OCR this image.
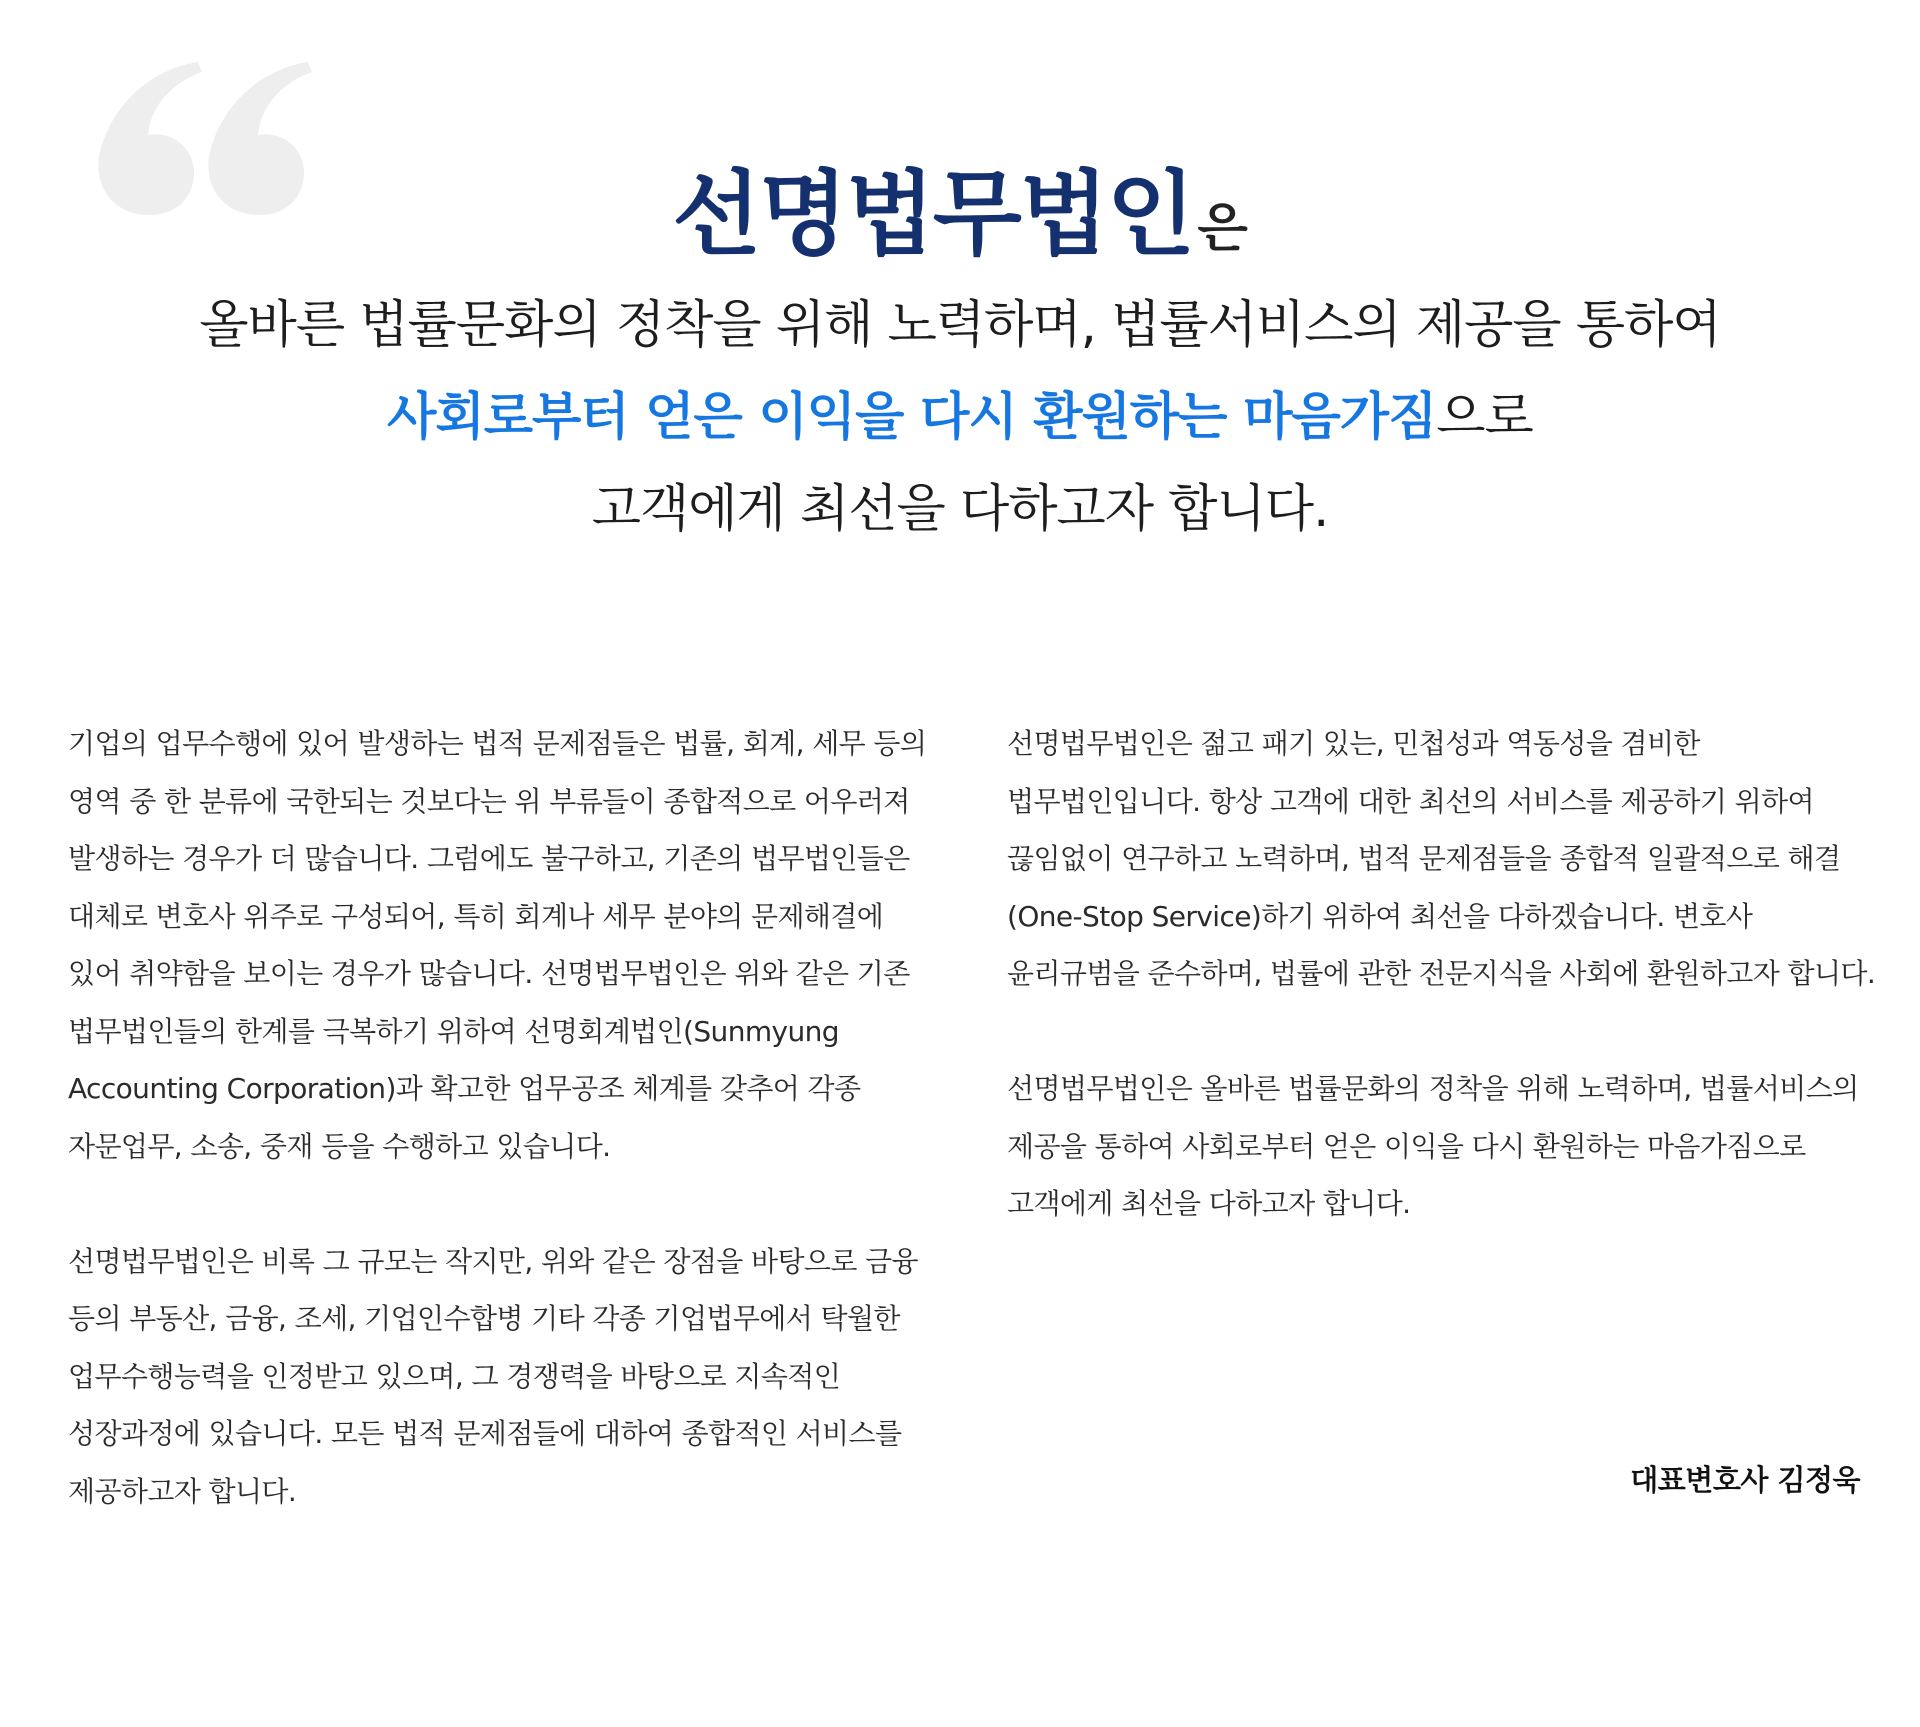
선명법무법인은

올바른 법률문화의 정착을 위해 노력하며, 법률서비스의 제공을 통하여

사회로부터 얻은 이익을 다시 환원하는 마음가짐으로

고객에게 최선을 다하고자 합니다.

기업의 업무수행에 있어 발생하는 법적 문제점들은 법률, 회계, 세무 등의 영역 중 한 분류에 국한되는 것보다는 위 부류들이 종합적으로 어우러져 발생하는 경우가 더 많습니다. 그럼에도 불구하고, 기존의 법무법인들은 대체로 변호사 위주로 구성되어, 특히 회계나 세무 분야의 문제해결에 있어 취약함을 보이는 경우가 많습니다. 선명법무법인은 위와 같은 기존 법무법인들의 한계를 극복하기 위하여 선명회계법인(Sunmyung Accounting Corporation)과 확고한 업무공조 체계를 갖추어 각종 자문업무, 소송, 중재 등을 수행하고 있습니다.

선명법무법인은 비록 그 규모는 작지만, 위와 같은 장점을 바탕으로 금융 등의 부동산, 금융, 조세, 기업인수합병 기타 각종 기업법무에서 탁월한 업무수행능력을 인정받고 있으며, 그 경쟁력을 바탕으로 지속적인 성장과정에 있습니다. 모든 법적 문제점들에 대하여 종합적인 서비스를 제공하고자 합니다.

선명법무법인은 젊고 패기 있는, 민첩성과 역동성을 겸비한 법무법인입니다. 항상 고객에 대한 최선의 서비스를 제공하기 위하여 끊임없이 연구하고 노력하며, 법적 문제점들을 종합적 일괄적으로 해결(One-Stop Service)하기 위하여 최선을 다하겠습니다. 변호사 윤리규범을 준수하며, 법률에 관한 전문지식을 사회에 환원하고자 합니다.

선명법무법인은 올바른 법률문화의 정착을 위해 노력하며, 법률서비스의 제공을 통하여 사회로부터 얻은 이익을 다시 환원하는 마음가짐으로 고객에게 최선을 다하고자 합니다.

대표변호사 김정욱
